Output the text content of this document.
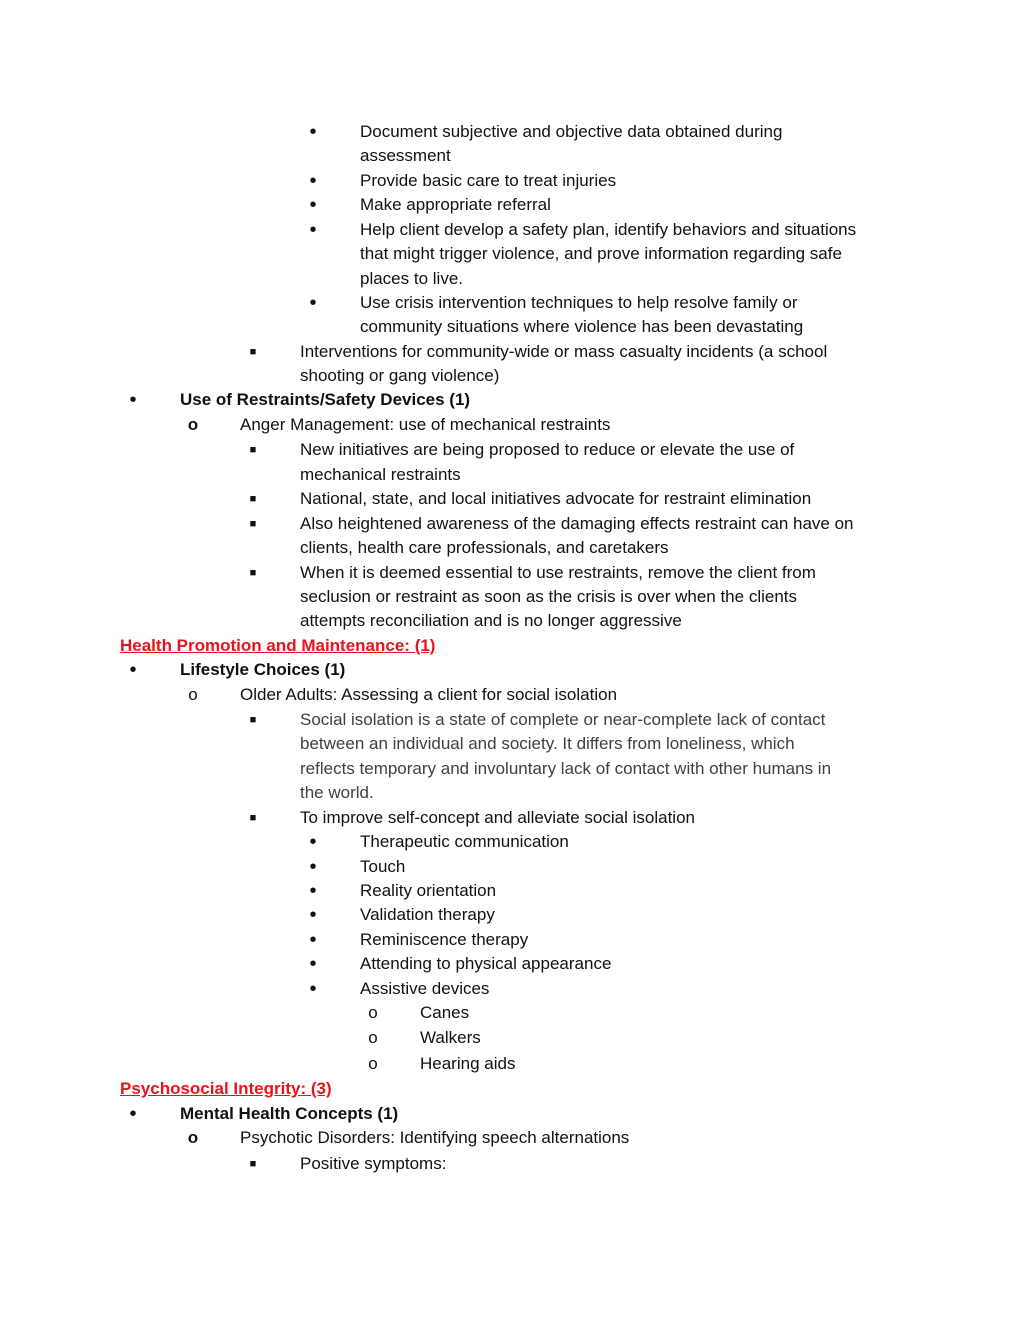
•	Document subjective and objective data obtained during
assessment
•	Provide basic care to treat injuries
•	Make appropriate referral
•	Help client develop a safety plan, identify behaviors and situations
that might trigger violence, and prove information regarding safe
places to live.
•	Use crisis intervention techniques to help resolve family or
community situations where violence has been devastating
■	Interventions for community-wide or mass casualty incidents (a school
shooting or gang violence)
•	Use of Restraints/Safety Devices (1)
o Anger Management: use of mechanical restraints
■	New initiatives are being proposed to reduce or elevate the use of
mechanical restraints
■	National, state, and local initiatives advocate for restraint elimination
■	Also heightened awareness of the damaging effects restraint can have on
clients, health care professionals, and caretakers
■	When it is deemed essential to use restraints, remove the client from
seclusion or restraint as soon as the crisis is over when the clients
attempts reconciliation and is no longer aggressive
Health Promotion and Maintenance: (1)
•	Lifestyle Choices (1)
o	Older Adults: Assessing a client for social isolation
■	Social isolation is a state of complete or near-complete lack of contact
between an individual and society. It differs from loneliness, which
reflects temporary and involuntary lack of contact with other humans in
the world.
■	To improve self-concept and alleviate social isolation
•	Therapeutic communication
•	Touch
•	Reality orientation
•	Validation therapy
•	Reminiscence therapy
•	Attending to physical appearance
•	Assistive devices
o	Canes
o	Walkers
o	Hearing aids
Psychosocial Integrity: (3)
•	Mental Health Concepts (1)
o Psychotic Disorders: Identifying speech alternations
■	Positive symptoms:
